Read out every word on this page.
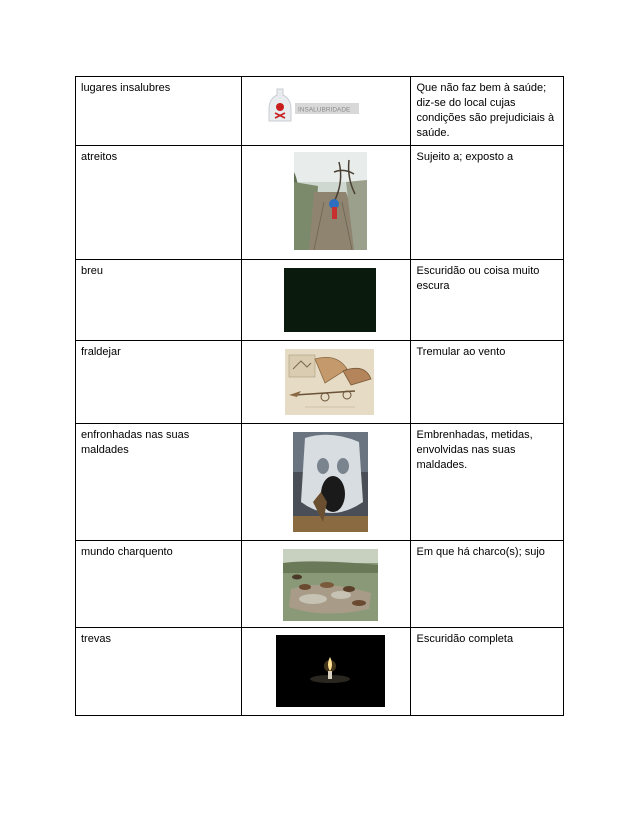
lugares insalubres	INSALUBRIDADE	Que não faz bem à saúde; diz-se do local cujas condições são prejudiciais à saúde.
atreitos		Sujeito a; exposto a
breu		Escuridão ou coisa muito escura
fraldejar		Tremular ao vento
enfronhadas nas suas maldades		Embrenhadas, metidas, envolvidas nas suas maldades.
mundo charquento		Em que há charco(s); sujo
trevas		Escuridão completa
